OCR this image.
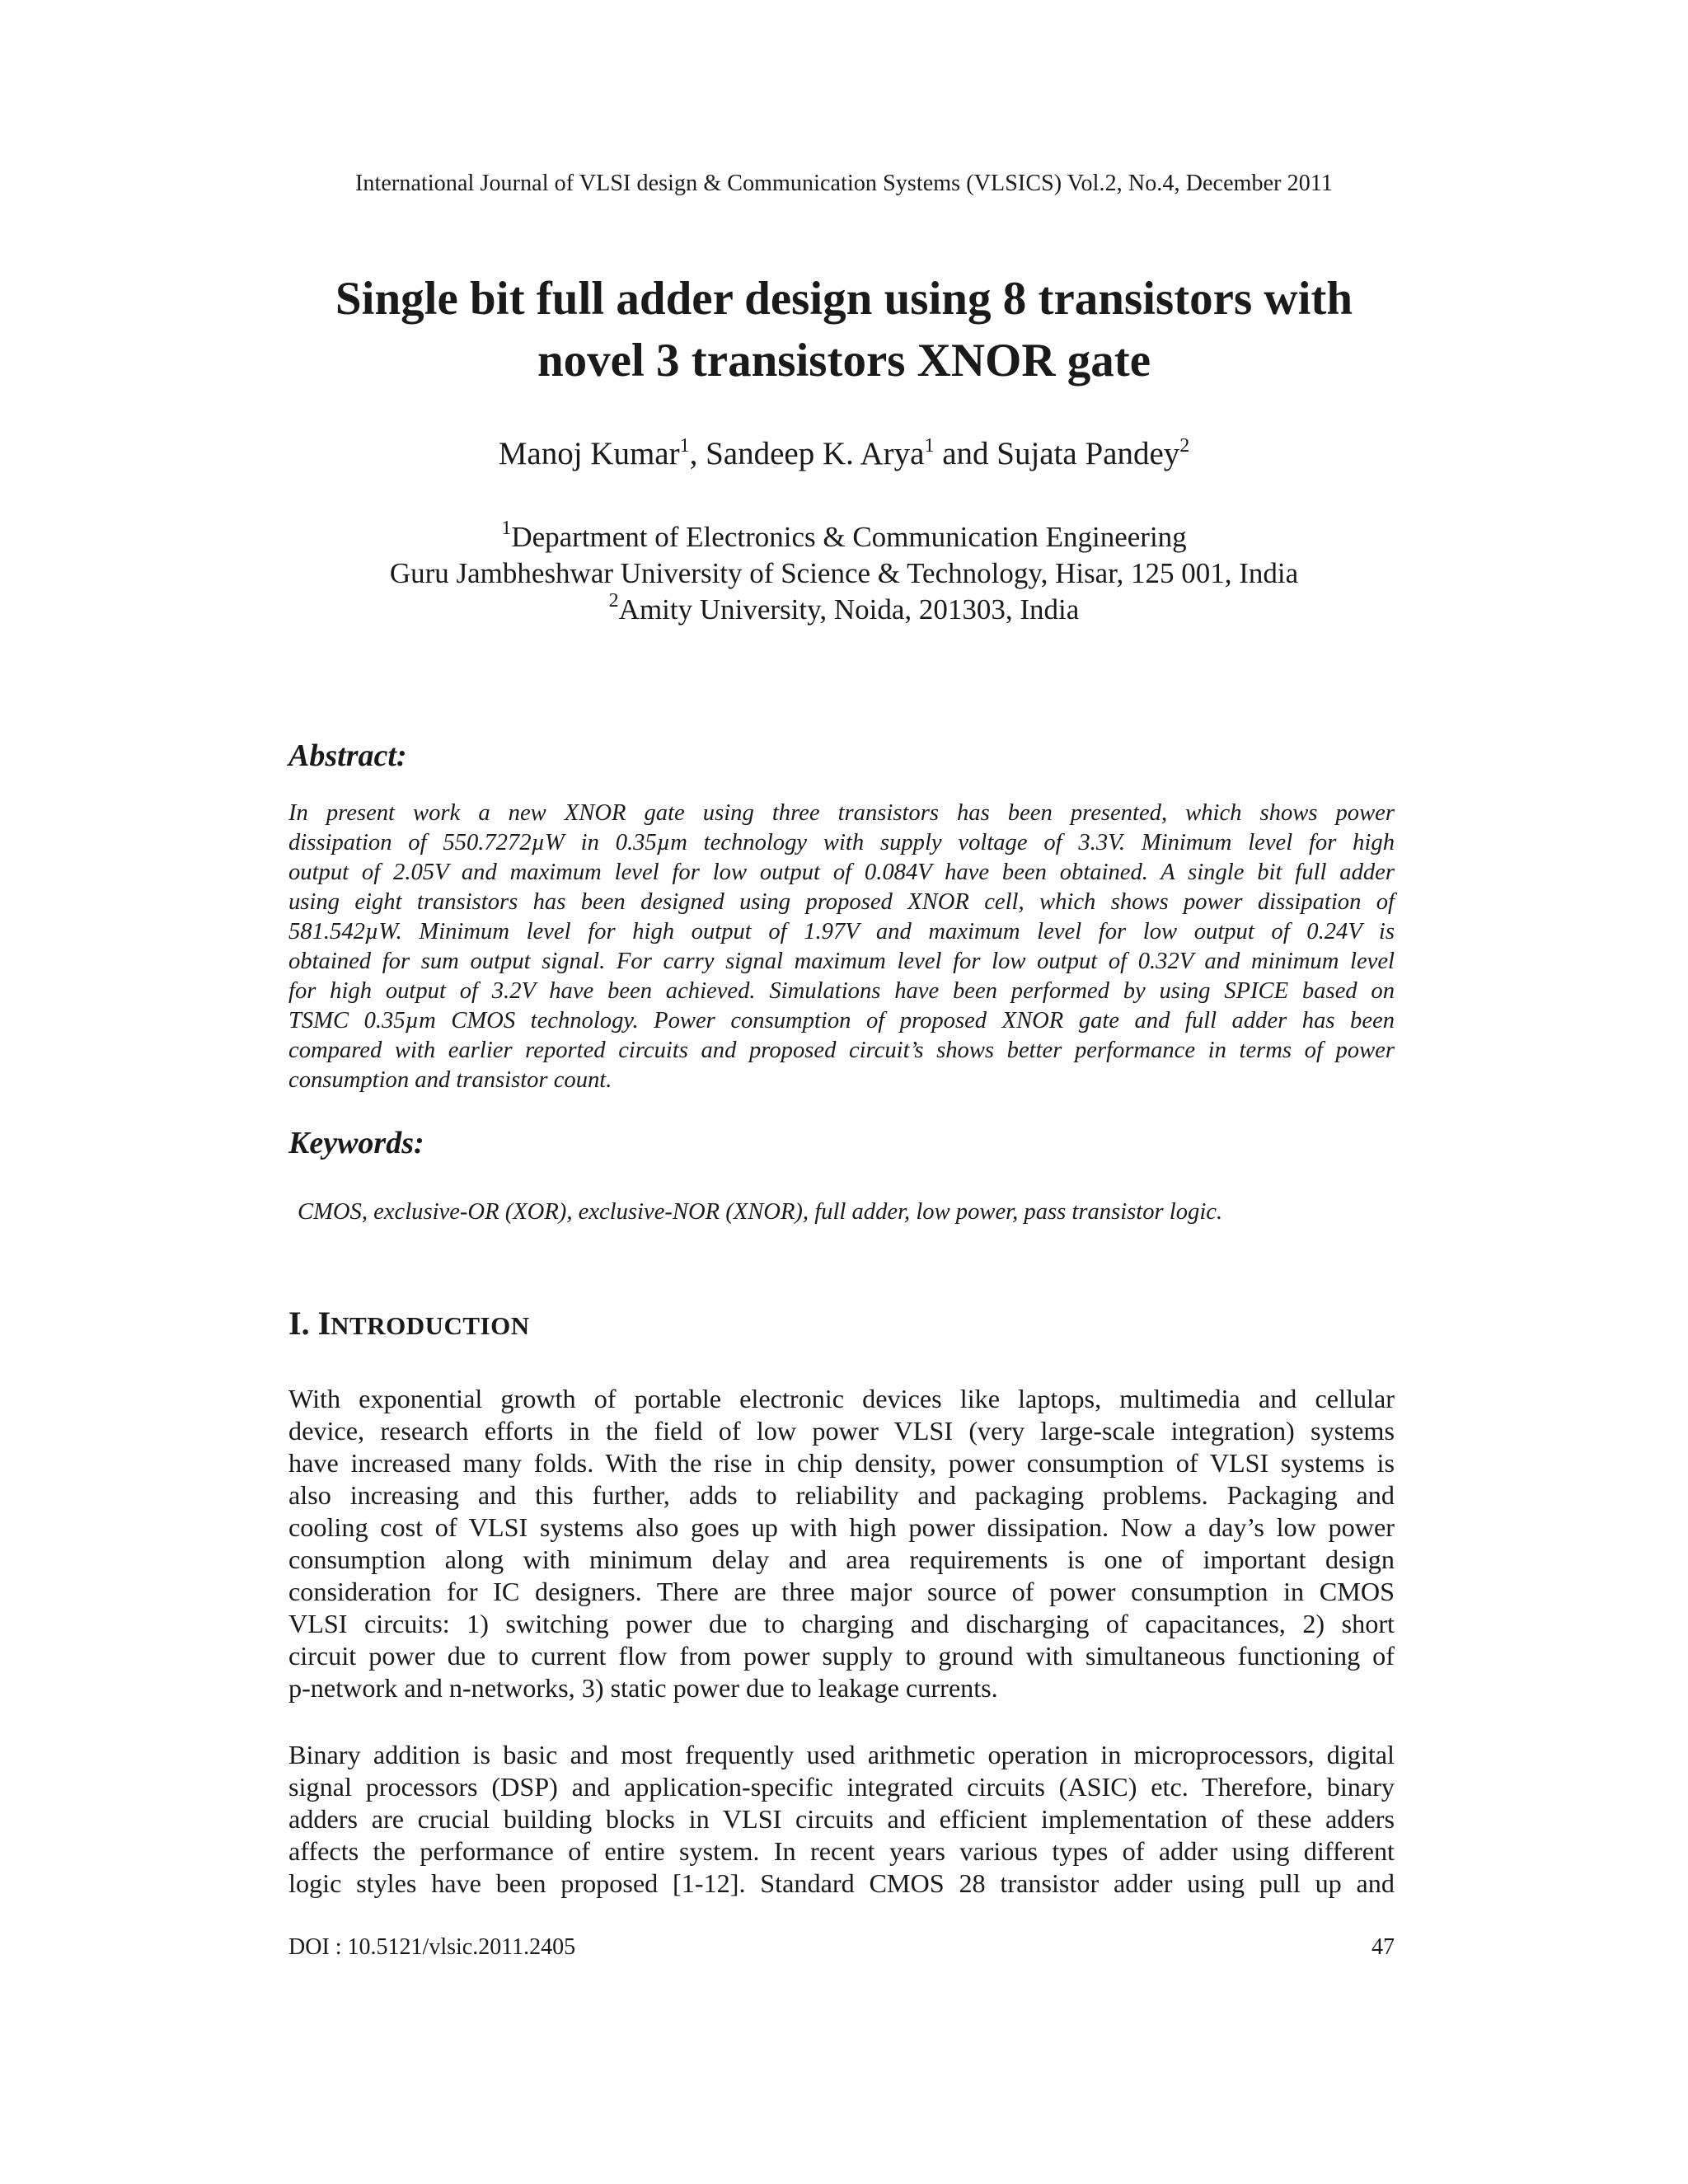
International Journal of VLSI design & Communication Systems (VLSICS) Vol.2, No.4, December 2011
Single bit full adder design using 8 transistors with
novel 3 transistors XNOR gate
Manoj Kumar$^1$, Sandeep K. Arya$^1$ and Sujata Pandey$^2$
$^1$Department of Electronics & Communication Engineering
Guru Jambheshwar University of Science & Technology, Hisar, 125 001, India
$^2$Amity University, Noida, 201303, India
Abstract:
In present work a new XNOR gate using three transistors has been presented, which shows power
dissipation of 550.7272µW in 0.35µm technology with supply voltage of 3.3V. Minimum level for high
output of 2.05V and maximum level for low output of 0.084V have been obtained. A single bit full adder
using eight transistors has been designed using proposed XNOR cell, which shows power dissipation of
581.542µW. Minimum level for high output of 1.97V and maximum level for low output of 0.24V is
obtained for sum output signal. For carry signal maximum level for low output of 0.32V and minimum level
for high output of 3.2V have been achieved. Simulations have been performed by using SPICE based on
TSMC 0.35µm CMOS technology. Power consumption of proposed XNOR gate and full adder has been
compared with earlier reported circuits and proposed circuit’s shows better performance in terms of power
consumption and transistor count.
Keywords:
CMOS, exclusive-OR (XOR), exclusive-NOR (XNOR), full adder, low power, pass transistor logic.
I. INTRODUCTION
With exponential growth of portable electronic devices like laptops, multimedia and cellular
device, research efforts in the field of low power VLSI (very large-scale integration) systems
have increased many folds. With the rise in chip density, power consumption of VLSI systems is
also increasing and this further, adds to reliability and packaging problems. Packaging and
cooling cost of VLSI systems also goes up with high power dissipation. Now a day’s low power
consumption along with minimum delay and area requirements is one of important design
consideration for IC designers. There are three major source of power consumption in CMOS
VLSI circuits: 1) switching power due to charging and discharging of capacitances, 2) short
circuit power due to current flow from power supply to ground with simultaneous functioning of
p-network and n-networks, 3) static power due to leakage currents.
Binary addition is basic and most frequently used arithmetic operation in microprocessors, digital
signal processors (DSP) and application-specific integrated circuits (ASIC) etc. Therefore, binary
adders are crucial building blocks in VLSI circuits and efficient implementation of these adders
affects the performance of entire system. In recent years various types of adder using different
logic styles have been proposed [1-12]. Standard CMOS 28 transistor adder using pull up and
DOI : 10.5121/vlsic.2011.2405	47
